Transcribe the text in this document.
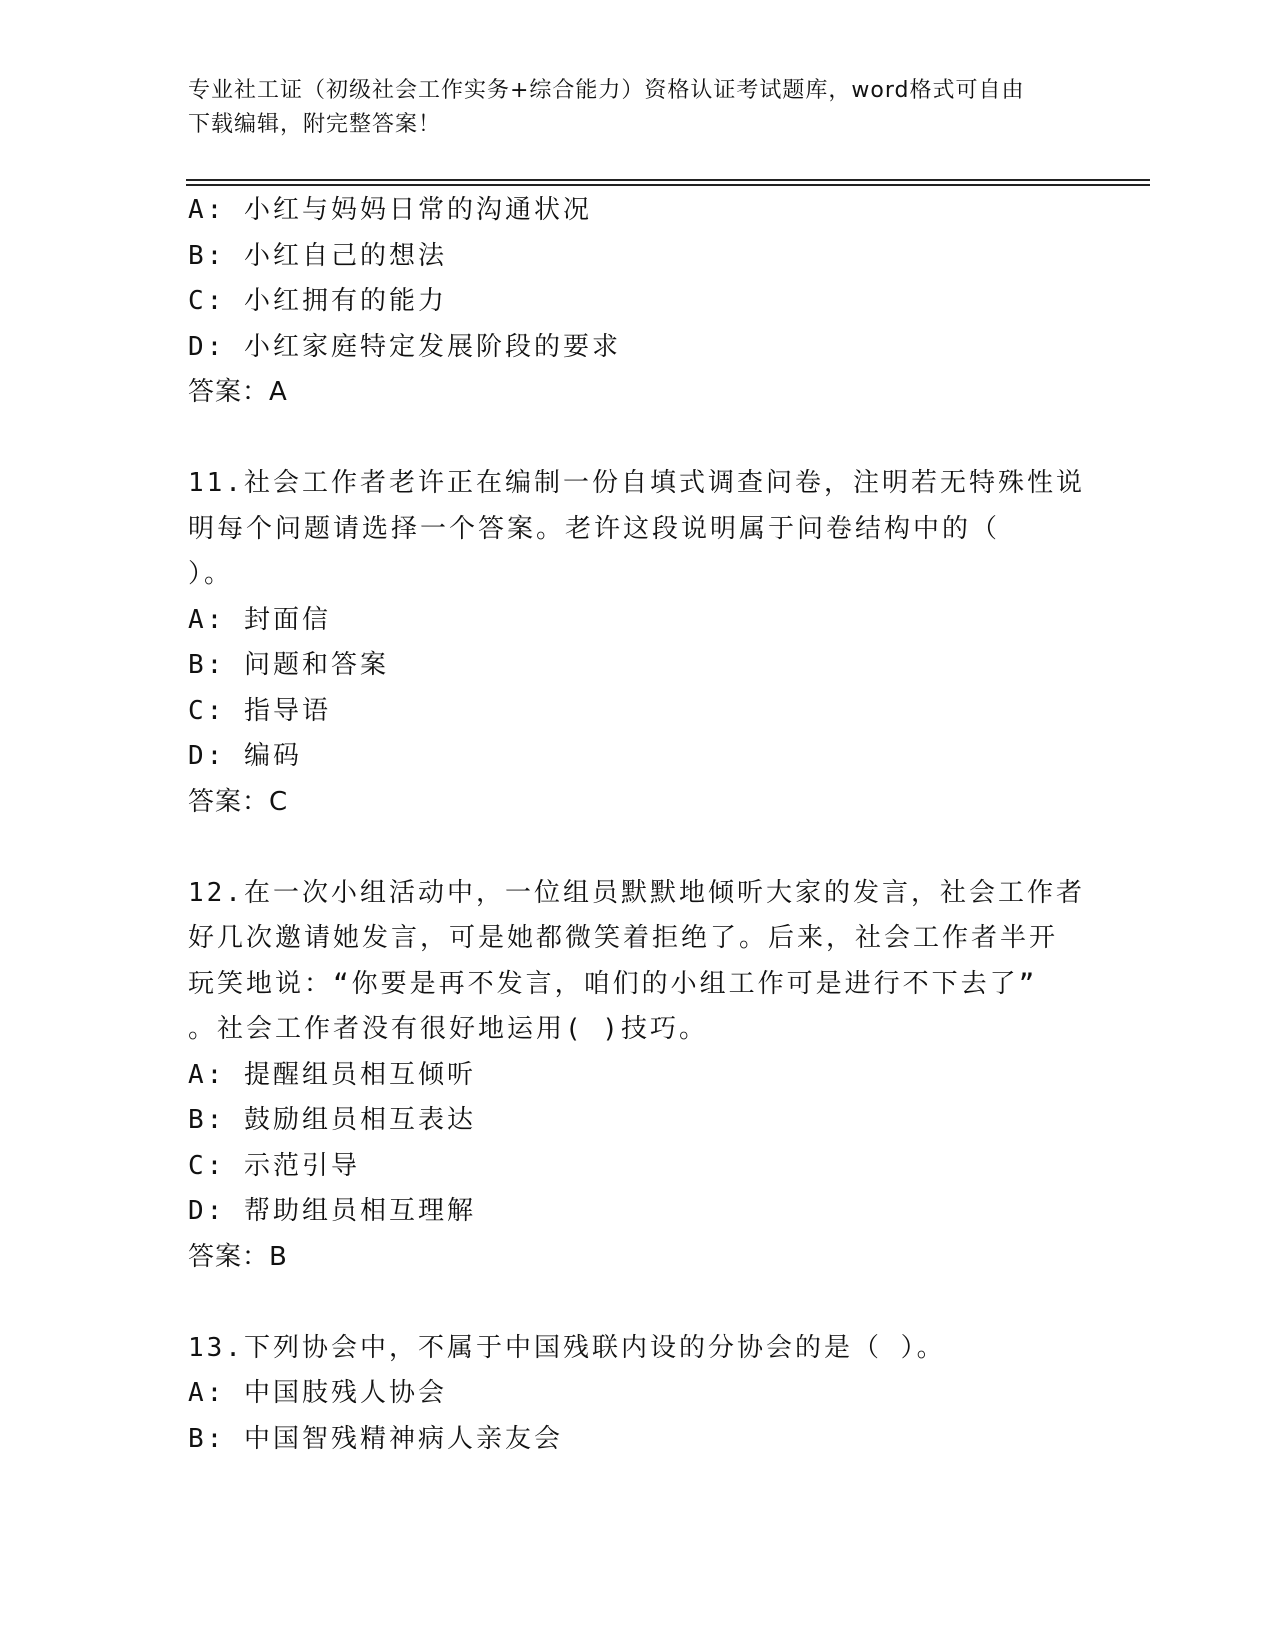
专业社工证（初级社会工作实务+综合能力）资格认证考试题库，word格式可自由
下载编辑，附完整答案！
A: 小红与妈妈日常的沟通状况
B: 小红自己的想法
C: 小红拥有的能力
D: 小红家庭特定发展阶段的要求
答案：A
11.社会工作者老许正在编制一份自填式调查问卷，注明若无特殊性说
明每个问题请选择一个答案。老许这段说明属于问卷结构中的（
）。
A: 封面信
B: 问题和答案
C: 指导语
D: 编码
答案：C
12.在一次小组活动中，一位组员默默地倾听大家的发言，社会工作者
好几次邀请她发言，可是她都微笑着拒绝了。后来，社会工作者半开
玩笑地说：“你要是再不发言，咱们的小组工作可是进行不下去了”
。社会工作者没有很好地运用( )技巧。
A: 提醒组员相互倾听
B: 鼓励组员相互表达
C: 示范引导
D: 帮助组员相互理解
答案：B
13.下列协会中，不属于中国残联内设的分协会的是（ ）。
A: 中国肢残人协会
B: 中国智残精神病人亲友会
